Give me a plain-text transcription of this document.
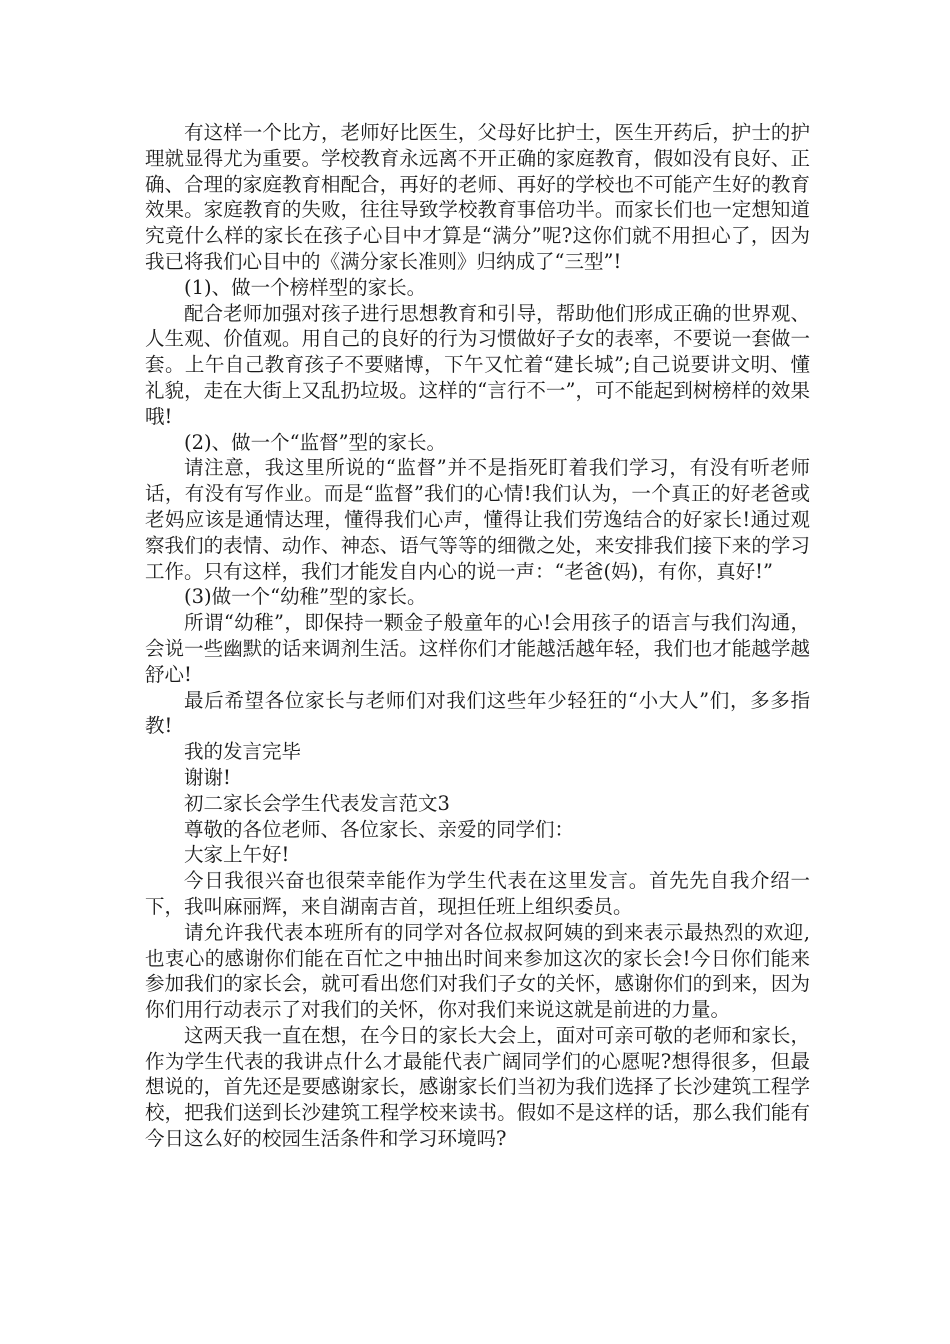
有这样一个比方，老师好比医生，父母好比护士，医生开药后，护士的护理就显得尤为重要。学校教育永远离不开正确的家庭教育，假如没有良好、正确、合理的家庭教育相配合，再好的老师、再好的学校也不可能产生好的教育效果。家庭教育的失败，往往导致学校教育事倍功半。而家长们也一定想知道究竟什么样的家长在孩子心目中才算是“满分”呢?这你们就不用担心了，因为我已将我们心目中的《满分家长准则》归纳成了“三型”!

(1)、做一个榜样型的家长。

配合老师加强对孩子进行思想教育和引导，帮助他们形成正确的世界观、人生观、价值观。用自己的良好的行为习惯做好子女的表率，不要说一套做一套。上午自己教育孩子不要赌博，下午又忙着“建长城”;自己说要讲文明、懂礼貌，走在大街上又乱扔垃圾。这样的“言行不一”，可不能起到树榜样的效果哦!

(2)、做一个“监督”型的家长。

请注意，我这里所说的“监督”并不是指死盯着我们学习，有没有听老师话，有没有写作业。而是“监督”我们的心情!我们认为，一个真正的好老爸或老妈应该是通情达理，懂得我们心声，懂得让我们劳逸结合的好家长!通过观察我们的表情、动作、神态、语气等等的细微之处，来安排我们接下来的学习工作。只有这样，我们才能发自内心的说一声：“老爸(妈)，有你，真好!”

(3)做一个“幼稚”型的家长。

所谓“幼稚”，即保持一颗金子般童年的心!会用孩子的语言与我们沟通，会说一些幽默的话来调剂生活。这样你们才能越活越年轻，我们也才能越学越舒心!

最后希望各位家长与老师们对我们这些年少轻狂的“小大人”们，多多指教!

我的发言完毕

谢谢!

初二家长会学生代表发言范文3

尊敬的各位老师、各位家长、亲爱的同学们：

大家上午好!

今日我很兴奋也很荣幸能作为学生代表在这里发言。首先先自我介绍一下，我叫麻丽辉，来自湖南吉首，现担任班上组织委员。

请允许我代表本班所有的同学对各位叔叔阿姨的到来表示最热烈的欢迎,也衷心的感谢你们能在百忙之中抽出时间来参加这次的家长会!今日你们能来参加我们的家长会，就可看出您们对我们子女的关怀，感谢你们的到来，因为你们用行动表示了对我们的关怀，你对我们来说这就是前进的力量。

这两天我一直在想，在今日的家长大会上，面对可亲可敬的老师和家长，作为学生代表的我讲点什么才最能代表广阔同学们的心愿呢?想得很多，但最想说的，首先还是要感谢家长，感谢家长们当初为我们选择了长沙建筑工程学校，把我们送到长沙建筑工程学校来读书。假如不是这样的话，那么我们能有今日这么好的校园生活条件和学习环境吗?
